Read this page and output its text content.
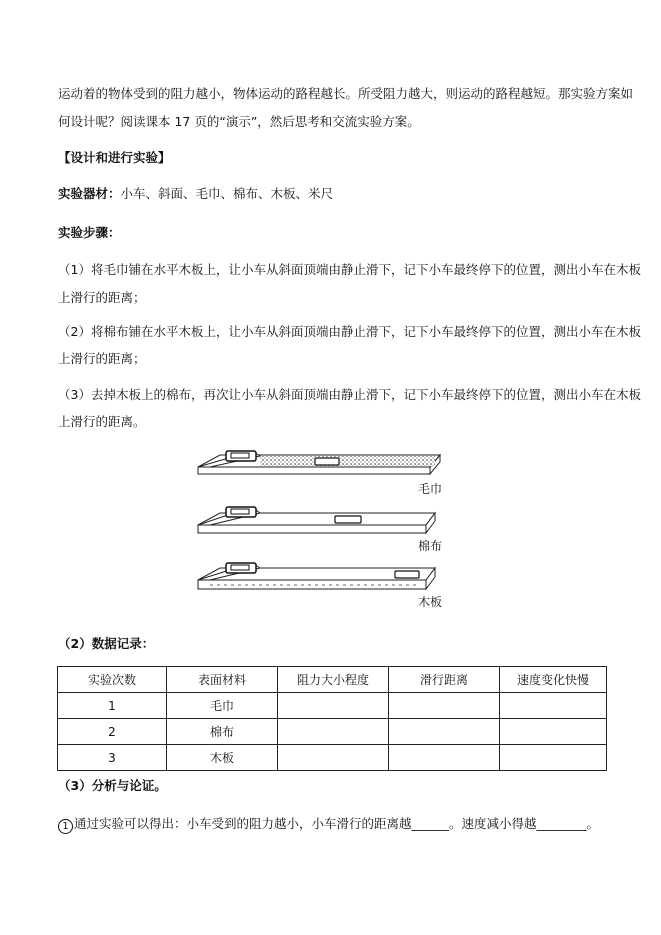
运动着的物体受到的阻力越小，物体运动的路程越长。所受阻力越大，则运动的路程越短。那实验方案如
何设计呢？阅读课本 17 页的“演示”，然后思考和交流实验方案。
【设计和进行实验】
实验器材：小车、斜面、毛巾、棉布、木板、米尺
实验步骤：
（1）将毛巾铺在水平木板上，让小车从斜面顶端由静止滑下，记下小车最终停下的位置，测出小车在木板
上滑行的距离；
（2）将棉布铺在水平木板上，让小车从斜面顶端由静止滑下，记下小车最终停下的位置，测出小车在木板
上滑行的距离；
（3）去掉木板上的棉布，再次让小车从斜面顶端由静止滑下，记下小车最终停下的位置，测出小车在木板
上滑行的距离。
毛巾
棉布
木板
（2）数据记录：
实验次数	表面材料	阻力大小程度	滑行距离	速度变化快慢
1	毛巾			
2	棉布			
3	木板			
（3）分析与论证。
1 通过实验可以得出：小车受到的阻力越小，小车滑行的距离越______。速度减小得越________。
